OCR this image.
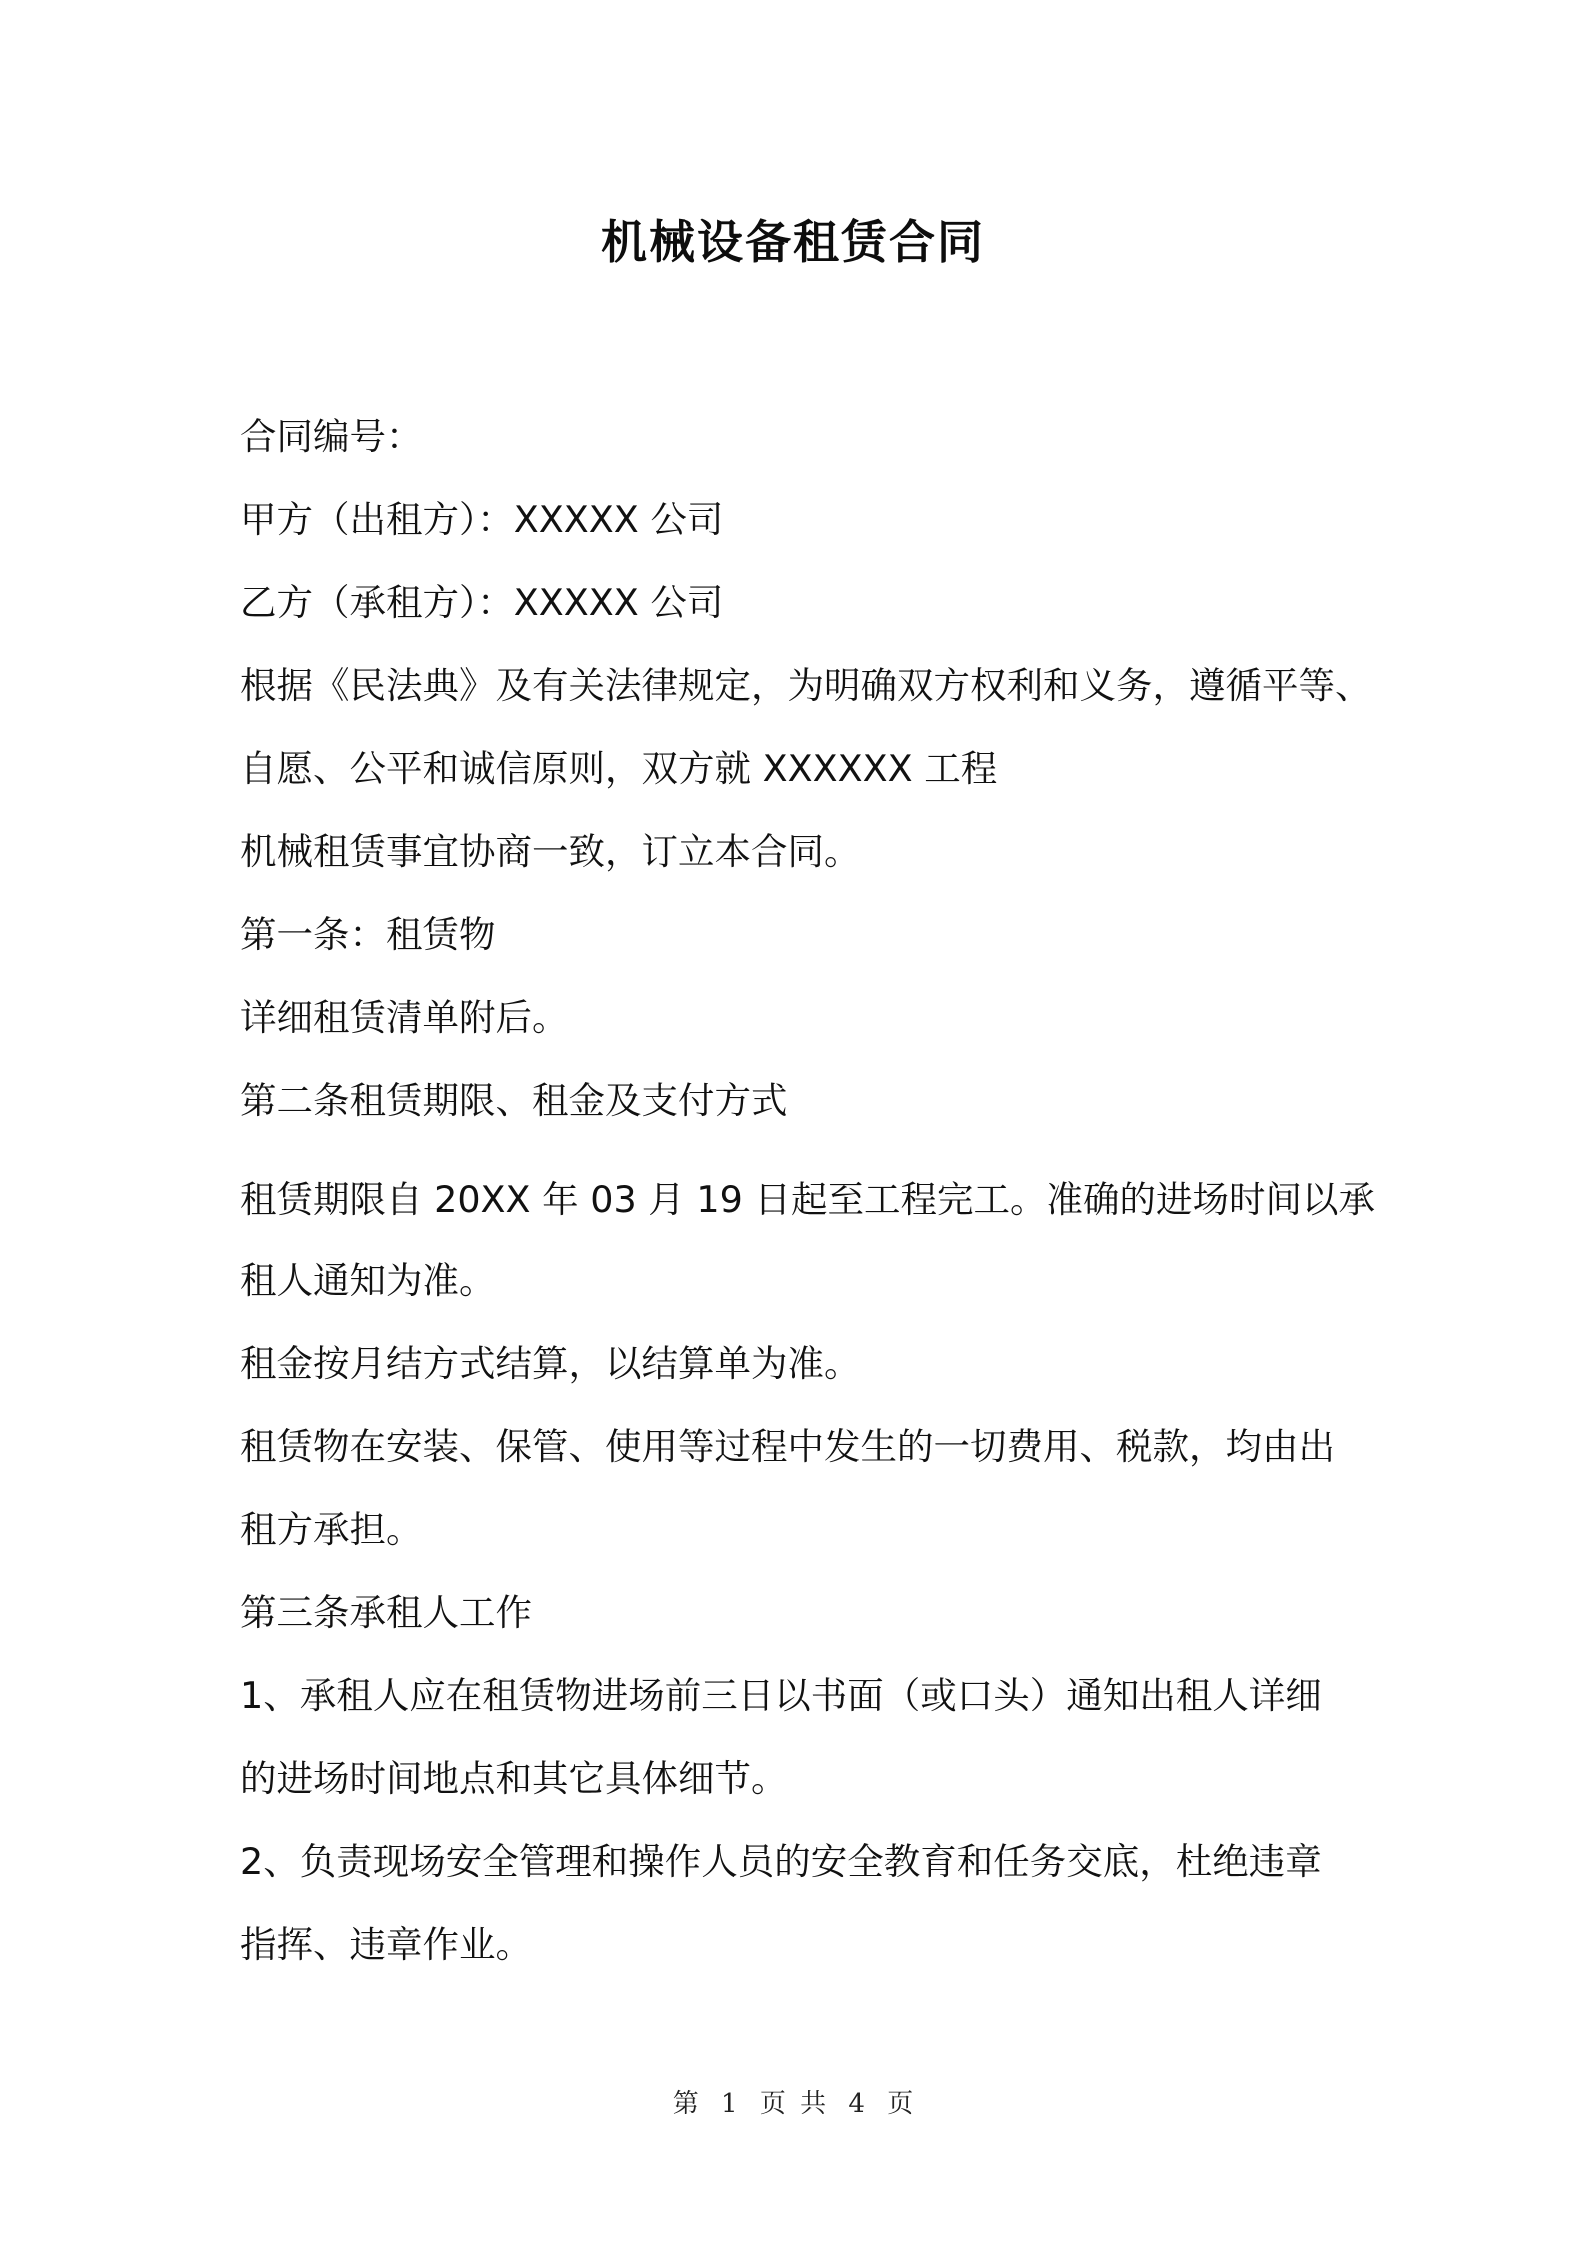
机械设备租赁合同

合同编号：

甲方（出租方）：XXXXX 公司

乙方（承租方）：XXXXX 公司

根据《民法典》及有关法律规定，为明确双方权利和义务，遵循平等、

自愿、公平和诚信原则，双方就 XXXXXX 工程

机械租赁事宜协商一致，订立本合同。

第一条：租赁物

详细租赁清单附后。

第二条租赁期限、租金及支付方式

租赁期限自 20XX 年 03 月 19 日起至工程完工。准确的进场时间以承

租人通知为准。

租金按月结方式结算，以结算单为准。

租赁物在安装、保管、使用等过程中发生的一切费用、税款，均由出

租方承担。

第三条承租人工作

1、承租人应在租赁物进场前三日以书面（或口头）通知出租人详细

的进场时间地点和其它具体细节。

2、负责现场安全管理和操作人员的安全教育和任务交底，杜绝违章

指挥、违章作业。

第 1 页 共 4 页
